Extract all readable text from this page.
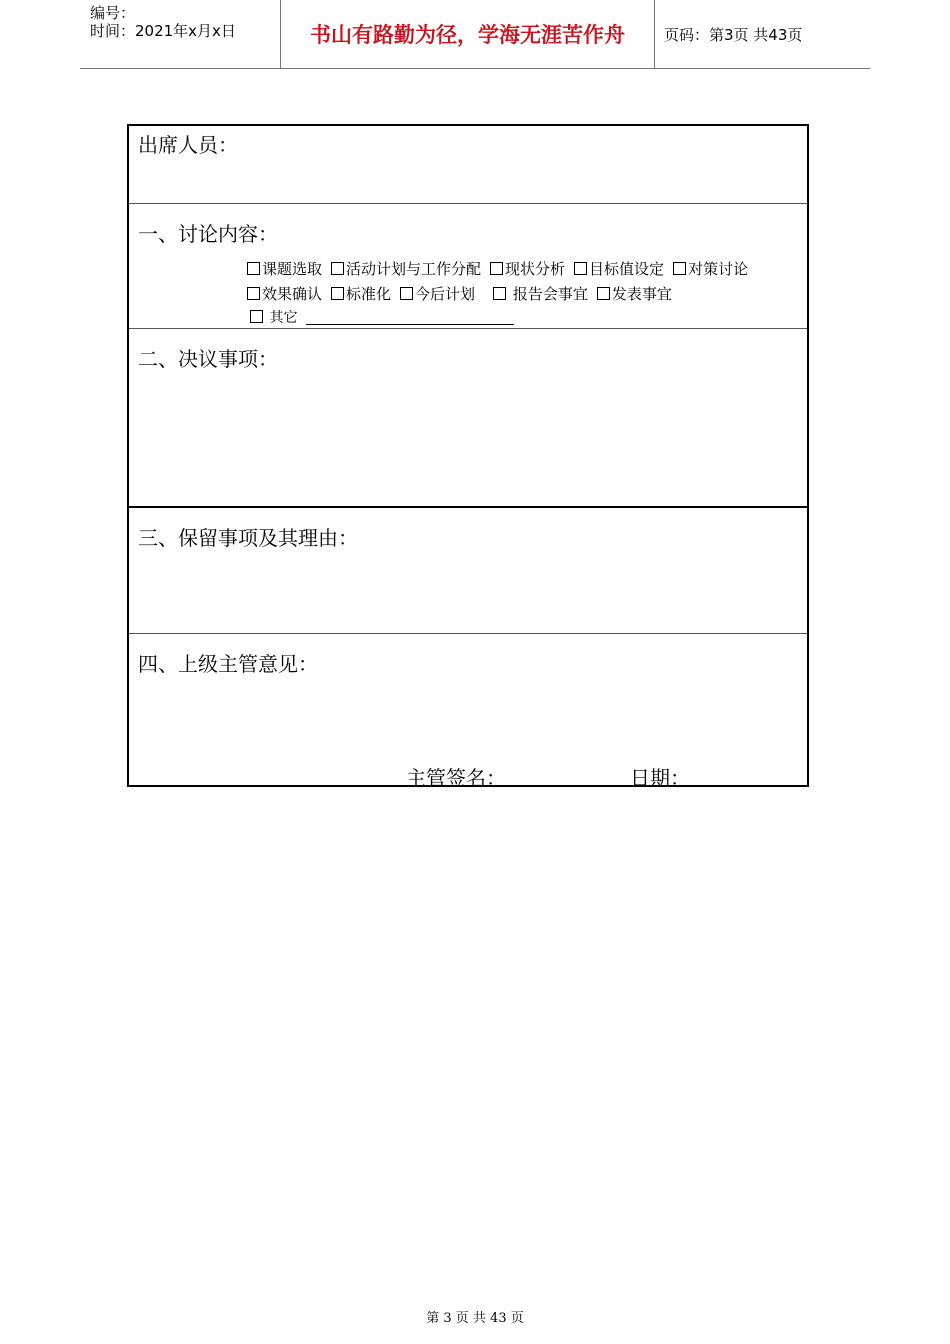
编号：
时间：2021年x月x日	书山有路勤为径，学海无涯苦作舟	页码：第3页 共43页
出席人员：
一、讨论内容：
课题选取 活动计划与工作分配 现状分析 目标值设定 对策讨论
效果确认 标准化 今后计划 报告会事宜 发表事宜
其它
二、决议事项：
三、保留事项及其理由：
四、上级主管意见：
主管签名：	日期：
第 3 页 共 43 页
